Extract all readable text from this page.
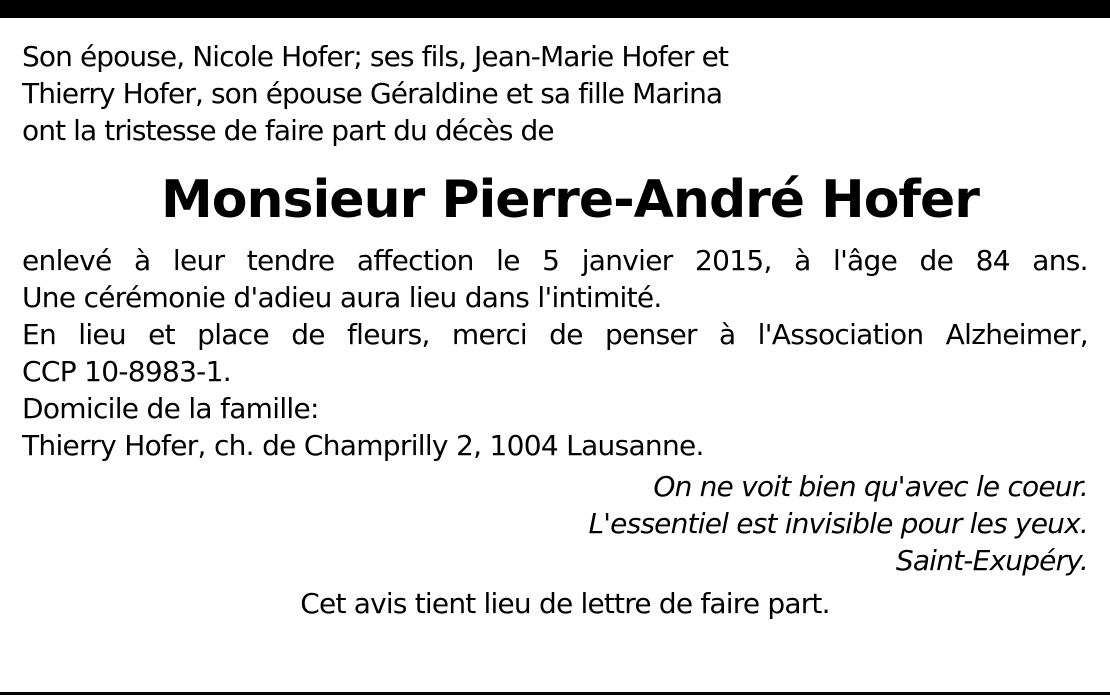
Son épouse, Nicole Hofer; ses fils, Jean-Marie Hofer et
Thierry Hofer, son épouse Géraldine et sa fille Marina
ont la tristesse de faire part du décès de
Monsieur Pierre-André Hofer
enlevé à leur tendre affection le 5 janvier 2015, à l'âge de 84 ans.
Une cérémonie d'adieu aura lieu dans l'intimité.
En lieu et place de fleurs, merci de penser à l'Association Alzheimer,
CCP 10-8983-1.
Domicile de la famille:
Thierry Hofer, ch. de Champrilly 2, 1004 Lausanne.
On ne voit bien qu'avec le coeur.
L'essentiel est invisible pour les yeux.
Saint-Exupéry.
Cet avis tient lieu de lettre de faire part.
